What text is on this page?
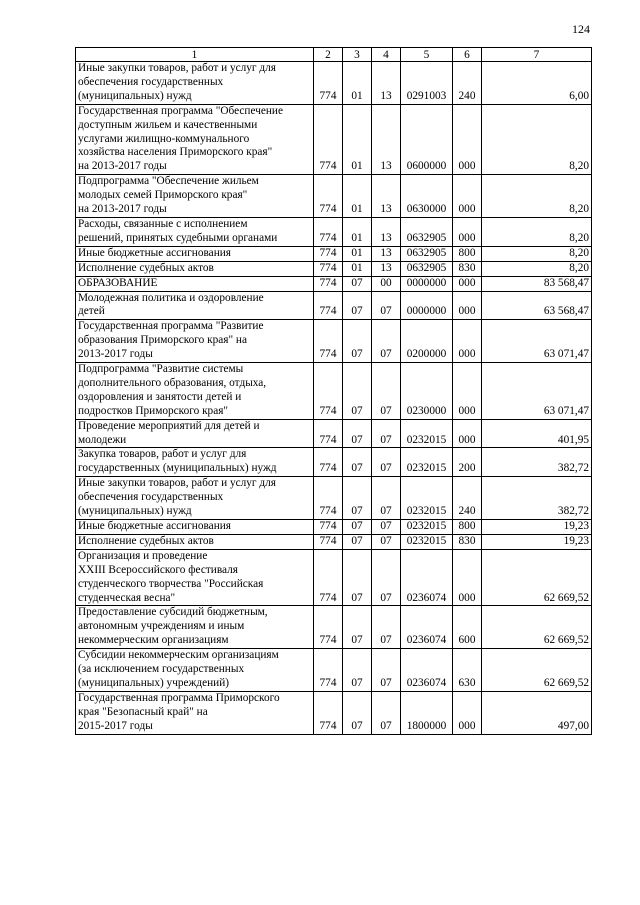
124
1	2	3	4	5	6	7

Иные закупки товаров, работ и услуг для
обеспечения государственных
(муниципальных) нужд	774	01	13	0291003	240	6,00

Государственная программа "Обеспечение
доступным жильем и качественными
услугами жилищно-коммунального
хозяйства населения Приморского края"
на 2013-2017 годы	774	01	13	0600000	000	8,20

Подпрограмма "Обеспечение жильем
молодых семей Приморского края"
на 2013-2017 годы	774	01	13	0630000	000	8,20

Расходы, связанные с исполнением
решений, принятых судебными органами	774	01	13	0632905	000	8,20

Иные бюджетные ассигнования	774	01	13	0632905	800	8,20

Исполнение судебных актов	774	01	13	0632905	830	8,20

ОБРАЗОВАНИЕ	774	07	00	0000000	000	83 568,47

Молодежная политика и оздоровление
детей	774	07	07	0000000	000	63 568,47

Государственная программа "Развитие
образования Приморского края" на
2013-2017 годы	774	07	07	0200000	000	63 071,47

Подпрограмма "Развитие системы
дополнительного образования, отдыха,
оздоровления и занятости детей и
подростков Приморского края"	774	07	07	0230000	000	63 071,47

Проведение мероприятий для детей и
молодежи	774	07	07	0232015	000	401,95

Закупка товаров, работ и услуг для
государственных (муниципальных) нужд	774	07	07	0232015	200	382,72

Иные закупки товаров, работ и услуг для
обеспечения государственных
(муниципальных) нужд	774	07	07	0232015	240	382,72

Иные бюджетные ассигнования	774	07	07	0232015	800	19,23

Исполнение судебных актов	774	07	07	0232015	830	19,23

Организация и проведение
XXIII Всероссийского фестиваля
студенческого творчества "Российская
студенческая весна"	774	07	07	0236074	000	62 669,52

Предоставление субсидий бюджетным,
автономным учреждениям и иным
некоммерческим организациям	774	07	07	0236074	600	62 669,52

Субсидии некоммерческим организациям
(за исключением государственных
(муниципальных) учреждений)	774	07	07	0236074	630	62 669,52

Государственная программа Приморского
края "Безопасный край" на
2015-2017 годы	774	07	07	1800000	000	497,00
